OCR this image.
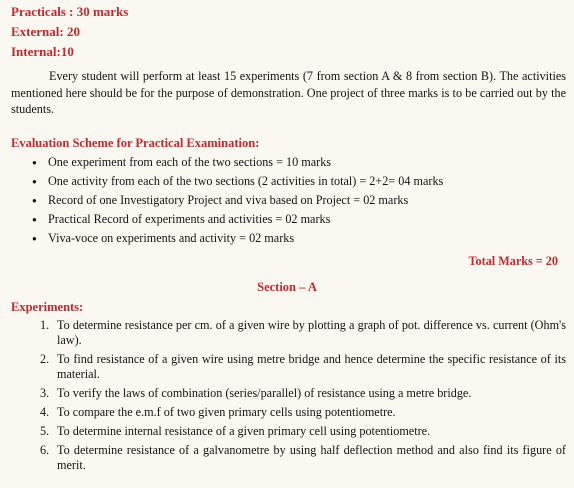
Practicals : 30 marks
External: 20
Internal:10

Every student will perform at least 15 experiments (7 from section A & 8 from section B). The activities mentioned here should be for the purpose of demonstration. One project of three marks is to be carried out by the students.

Evaluation Scheme for Practical Examination:
● One experiment from each of the two sections = 10 marks
● One activity from each of the two sections (2 activities in total) = 2+2= 04 marks
● Record of one Investigatory Project and viva based on Project = 02 marks
● Practical Record of experiments and activities = 02 marks
● Viva-voce on experiments and activity = 02 marks
Total Marks = 20
Section – A
Experiments:
1. To determine resistance per cm. of a given wire by plotting a graph of pot. difference vs. current (Ohm's law).
2. To find resistance of a given wire using metre bridge and hence determine the specific resistance of its material.
3. To verify the laws of combination (series/parallel) of resistance using a metre bridge.
4. To compare the e.m.f of two given primary cells using potentiometre.
5. To determine internal resistance of a given primary cell using potentiometre.
6. To determine resistance of a galvanometre by using half deflection method and also find its figure of merit.
